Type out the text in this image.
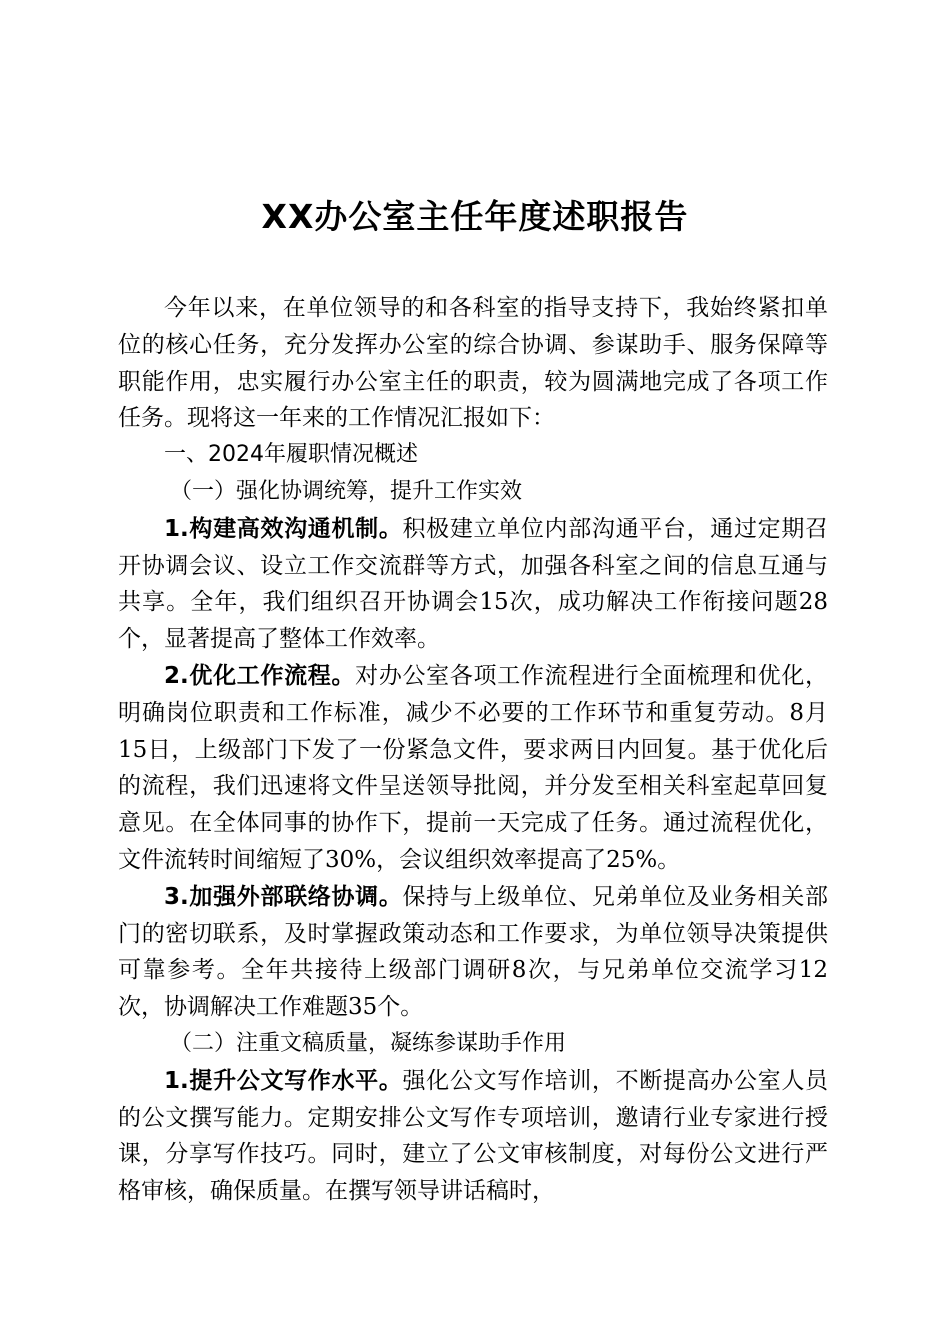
XX办公室主任年度述职报告

今年以来，在单位领导的和各科室的指导支持下，我始终紧扣单位的核心任务，充分发挥办公室的综合协调、参谋助手、服务保障等职能作用，忠实履行办公室主任的职责，较为圆满地完成了各项工作任务。现将这一年来的工作情况汇报如下：

一、2024年履职情况概述

（一）强化协调统筹，提升工作实效

1.构建高效沟通机制。积极建立单位内部沟通平台，通过定期召开协调会议、设立工作交流群等方式，加强各科室之间的信息互通与共享。全年，我们组织召开协调会15次，成功解决工作衔接问题28个，显著提高了整体工作效率。

2.优化工作流程。对办公室各项工作流程进行全面梳理和优化，明确岗位职责和工作标准，减少不必要的工作环节和重复劳动。8月15日，上级部门下发了一份紧急文件，要求两日内回复。基于优化后的流程，我们迅速将文件呈送领导批阅，并分发至相关科室起草回复意见。在全体同事的协作下，提前一天完成了任务。通过流程优化，文件流转时间缩短了30%，会议组织效率提高了25%。

3.加强外部联络协调。保持与上级单位、兄弟单位及业务相关部门的密切联系，及时掌握政策动态和工作要求，为单位领导决策提供可靠参考。全年共接待上级部门调研8次，与兄弟单位交流学习12次，协调解决工作难题35个。

（二）注重文稿质量，凝练参谋助手作用

1.提升公文写作水平。强化公文写作培训，不断提高办公室人员的公文撰写能力。定期安排公文写作专项培训，邀请行业专家进行授课，分享写作技巧。同时，建立了公文审核制度，对每份公文进行严格审核，确保质量。在撰写领导讲话稿时，
